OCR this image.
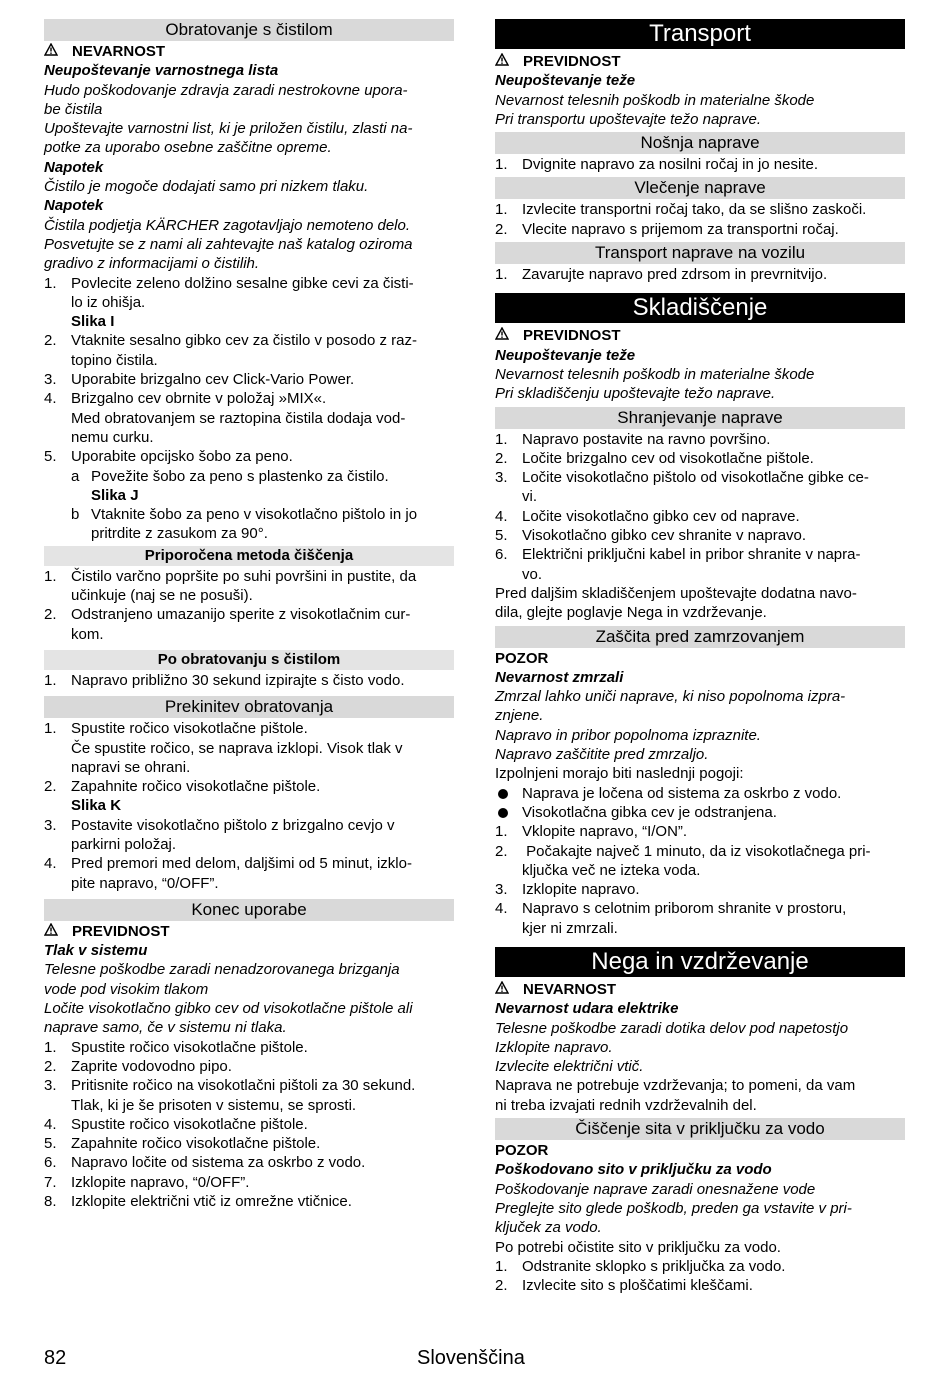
Obratovanje s čistilom
NEVARNOST

Neupoštevanje varnostnega lista

Hudo poškodovanje zdravja zaradi nestrokovne upora-

be čistila

Upoštevajte varnostni list, ki je priložen čistilu, zlasti na-

potke za uporabo osebne zaščitne opreme.

Napotek

Čistilo je mogoče dodajati samo pri nizkem tlaku.

Napotek

Čistila podjetja KÄRCHER zagotavljajo nemoteno delo.

Posvetujte se z nami ali zahtevajte naš katalog oziroma

gradivo z informacijami o čistilih.

1. Povlecite zeleno dolžino sesalne gibke cevi za čisti-
lo iz ohišja.
Slika I
2. Vtaknite sesalno gibko cev za čistilo v posodo z raz-
topino čistila.
3. Uporabite brizgalno cev Click-Vario Power.
4. Brizgalno cev obrnite v položaj »MIX«.
Med obratovanjem se raztopina čistila dodaja vod-
nemu curku.
5. Uporabite opcijsko šobo za peno.
a Povežite šobo za peno s plastenko za čistilo.
Slika J
b Vtaknite šobo za peno v visokotlačno pištolo in jo
pritrdite z zasukom za 90°.
Priporočena metoda čiščenja
1. Čistilo varčno popršite po suhi površini in pustite, da
učinkuje (naj se ne posuši).
2. Odstranjeno umazanijo sperite z visokotlačnim cur-
kom.
Po obratovanju s čistilom
1. Napravo približno 30 sekund izpirajte s čisto vodo.
Prekinitev obratovanja
1. Spustite ročico visokotlačne pištole.
Če spustite ročico, se naprava izklopi. Visok tlak v
napravi se ohrani.
2. Zapahnite ročico visokotlačne pištole.
Slika K
3. Postavite visokotlačno pištolo z brizgalno cevjo v
parkirni položaj.
4. Pred premori med delom, daljšimi od 5 minut, izklo-
pite napravo, “0/OFF”.
Konec uporabe
PREVIDNOST

Tlak v sistemu

Telesne poškodbe zaradi nenadzorovanega brizganja

vode pod visokim tlakom

Ločite visokotlačno gibko cev od visokotlačne pištole ali

naprave samo, če v sistemu ni tlaka.

1. Spustite ročico visokotlačne pištole.
2. Zaprite vodovodno pipo.
3. Pritisnite ročico na visokotlačni pištoli za 30 sekund.
Tlak, ki je še prisoten v sistemu, se sprosti.
4. Spustite ročico visokotlačne pištole.
5. Zapahnite ročico visokotlačne pištole.
6. Napravo ločite od sistema za oskrbo z vodo.
7. Izklopite napravo, “0/OFF”.
8. Izklopite električni vtič iz omrežne vtičnice.
Transport
PREVIDNOST

Neupoštevanje teže

Nevarnost telesnih poškodb in materialne škode

Pri transportu upoštevajte težo naprave.

Nošnja naprave
1. Dvignite napravo za nosilni ročaj in jo nesite.
Vlečenje naprave
1. Izvlecite transportni ročaj tako, da se slišno zaskoči.
2. Vlecite napravo s prijemom za transportni ročaj.
Transport naprave na vozilu
1. Zavarujte napravo pred zdrsom in prevrnitvijo.
Skladiščenje
PREVIDNOST

Neupoštevanje teže

Nevarnost telesnih poškodb in materialne škode

Pri skladiščenju upoštevajte težo naprave.

Shranjevanje naprave
1. Napravo postavite na ravno površino.
2. Ločite brizgalno cev od visokotlačne pištole.
3. Ločite visokotlačno pištolo od visokotlačne gibke ce-
vi.
4. Ločite visokotlačno gibko cev od naprave.
5. Visokotlačno gibko cev shranite v napravo.
6. Električni priključni kabel in pribor shranite v napra-
vo.

Pred daljšim skladiščenjem upoštevajte dodatna navo-

dila, glejte poglavje Nega in vzdrževanje.

Zaščita pred zamrzovanjem

POZOR

Nevarnost zmrzali

Zmrzal lahko uniči naprave, ki niso popolnoma izpra-

znjene.

Napravo in pribor popolnoma izpraznite.

Napravo zaščitite pred zmrzaljo.

Izpolnjeni morajo biti naslednji pogoji:

Naprava je ločena od sistema za oskrbo z vodo.
Visokotlačna gibka cev je odstranjena.
1. Vklopite napravo, “I/ON”.
2. Počakajte največ 1 minuto, da iz visokotlačnega pri-
ključka več ne izteka voda.
3. Izklopite napravo.
4. Napravo s celotnim priborom shranite v prostoru,
kjer ni zmrzali.
Nega in vzdrževanje
NEVARNOST

Nevarnost udara elektrike

Telesne poškodbe zaradi dotika delov pod napetostjo

Izklopite napravo.

Izvlecite električni vtič.

Naprava ne potrebuje vzdrževanja; to pomeni, da vam

ni treba izvajati rednih vzdrževalnih del.

Čiščenje sita v priključku za vodo

POZOR

Poškodovano sito v priključku za vodo

Poškodovanje naprave zaradi onesnažene vode

Preglejte sito glede poškodb, preden ga vstavite v pri-

ključek za vodo.

Po potrebi očistite sito v priključku za vodo.

1. Odstranite sklopko s priključka za vodo.
2. Izvlecite sito s ploščatimi kleščami.
82	Slovenščina
